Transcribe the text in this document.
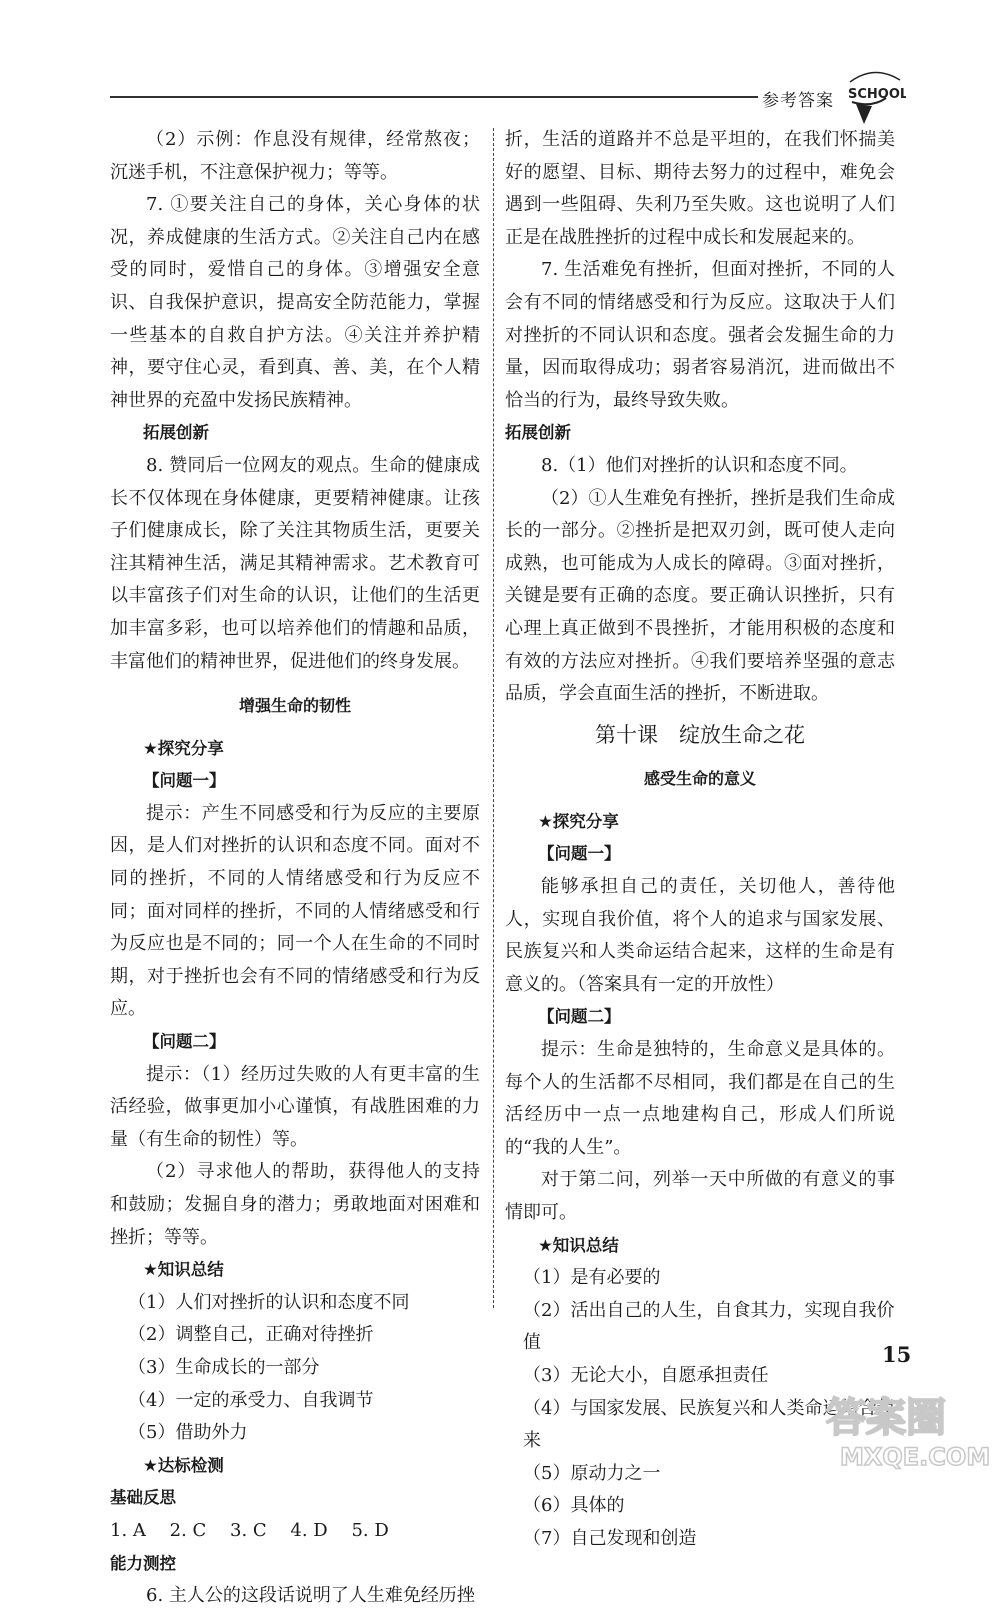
参考答案 SCHOOL

（2）示例：作息没有规律，经常熬夜；沉迷手机，不注意保护视力；等等。

7. ①要关注自己的身体，关心身体的状况，养成健康的生活方式。②关注自己内在感受的同时，爱惜自己的身体。③增强安全意识、自我保护意识，提高安全防范能力，掌握一些基本的自救自护方法。④关注并养护精神，要守住心灵，看到真、善、美，在个人精神世界的充盈中发扬民族精神。

拓展创新

8. 赞同后一位网友的观点。生命的健康成长不仅体现在身体健康，更要精神健康。让孩子们健康成长，除了关注其物质生活，更要关注其精神生活，满足其精神需求。艺术教育可以丰富孩子们对生命的认识，让他们的生活更加丰富多彩，也可以培养他们的情趣和品质，丰富他们的精神世界，促进他们的终身发展。

增强生命的韧性

★探究分享

【问题一】

提示：产生不同感受和行为反应的主要原因，是人们对挫折的认识和态度不同。面对不同的挫折，不同的人情绪感受和行为反应不同；面对同样的挫折，不同的人情绪感受和行为反应也是不同的；同一个人在生命的不同时期，对于挫折也会有不同的情绪感受和行为反应。

【问题二】

提示：（1）经历过失败的人有更丰富的生活经验，做事更加小心谨慎，有战胜困难的力量（有生命的韧性）等。

（2）寻求他人的帮助，获得他人的支持和鼓励；发掘自身的潜力；勇敢地面对困难和挫折；等等。

★知识总结

（1）人们对挫折的认识和态度不同

（2）调整自己，正确对待挫折

（3）生命成长的一部分

（4）一定的承受力、自我调节

（5）借助外力

★达标检测

基础反思

1. A　 2. C　 3. C　 4. D　 5. D

能力测控

6. 主人公的这段话说明了人生难免经历挫

折，生活的道路并不总是平坦的，在我们怀揣美好的愿望、目标、期待去努力的过程中，难免会遇到一些阻碍、失利乃至失败。这也说明了人们正是在战胜挫折的过程中成长和发展起来的。

7. 生活难免有挫折，但面对挫折，不同的人会有不同的情绪感受和行为反应。这取决于人们对挫折的不同认识和态度。强者会发掘生命的力量，因而取得成功；弱者容易消沉，进而做出不恰当的行为，最终导致失败。

拓展创新

8.（1）他们对挫折的认识和态度不同。

（2）①人生难免有挫折，挫折是我们生命成长的一部分。②挫折是把双刃剑，既可使人走向成熟，也可能成为人成长的障碍。③面对挫折，关键是要有正确的态度。要正确认识挫折，只有心理上真正做到不畏挫折，才能用积极的态度和有效的方法应对挫折。④我们要培养坚强的意志品质，学会直面生活的挫折，不断进取。

第十课　绽放生命之花

感受生命的意义

★探究分享

【问题一】

能够承担自己的责任，关切他人，善待他人，实现自我价值，将个人的追求与国家发展、民族复兴和人类命运结合起来，这样的生命是有意义的。（答案具有一定的开放性）

【问题二】

提示：生命是独特的，生命意义是具体的。每个人的生活都不尽相同，我们都是在自己的生活经历中一点一点地建构自己，形成人们所说的“我的人生”。

对于第二问，列举一天中所做的有意义的事情即可。

★知识总结

（1）是有必要的

（2）活出自己的人生，自食其力，实现自我价值

（3）无论大小，自愿承担责任

（4）与国家发展、民族复兴和人类命运结合起来

（5）原动力之一

（6）具体的

（7）自己发现和创造

15
答案圈
MXQE.COM
